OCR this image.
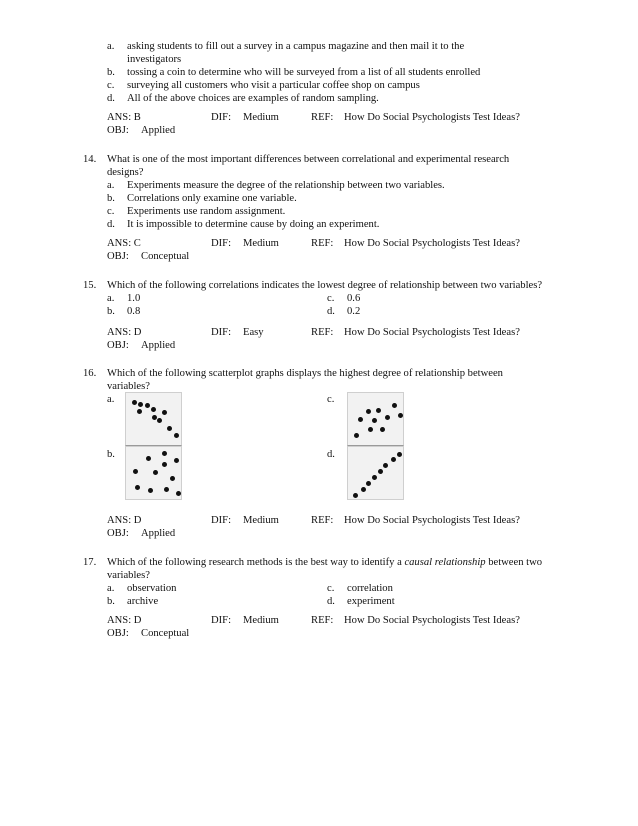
a. asking students to fill out a survey in a campus magazine and then mail it to the
investigators
b. tossing a coin to determine who will be surveyed from a list of all students enrolled
c. surveying all customers who visit a particular coffee shop on campus
d. All of the above choices are examples of random sampling.
ANS: B	DIF: Medium	REF: How Do Social Psychologists Test Ideas?
OBJ: Applied
14. What is one of the most important differences between correlational and experimental research
designs?
a. Experiments measure the degree of the relationship between two variables.
b. Correlations only examine one variable.
c. Experiments use random assignment.
d. It is impossible to determine cause by doing an experiment.
ANS: C	DIF: Medium	REF: How Do Social Psychologists Test Ideas?
OBJ: Conceptual
15. Which of the following correlations indicates the lowest degree of relationship between two variables?
a. 1.0	c. 0.6
b. 0.8	d. 0.2
ANS: D	DIF: Easy	REF: How Do Social Psychologists Test Ideas?
OBJ: Applied
16. Which of the following scatterplot graphs displays the highest degree of relationship between
variables?
a.	c.
b.	d.
ANS: D	DIF: Medium	REF: How Do Social Psychologists Test Ideas?
OBJ: Applied
17. Which of the following research methods is the best way to identify a causal relationship between two
variables?
a. observation	c. correlation
b. archive	d. experiment
ANS: D	DIF: Medium	REF: How Do Social Psychologists Test Ideas?
OBJ: Conceptual
